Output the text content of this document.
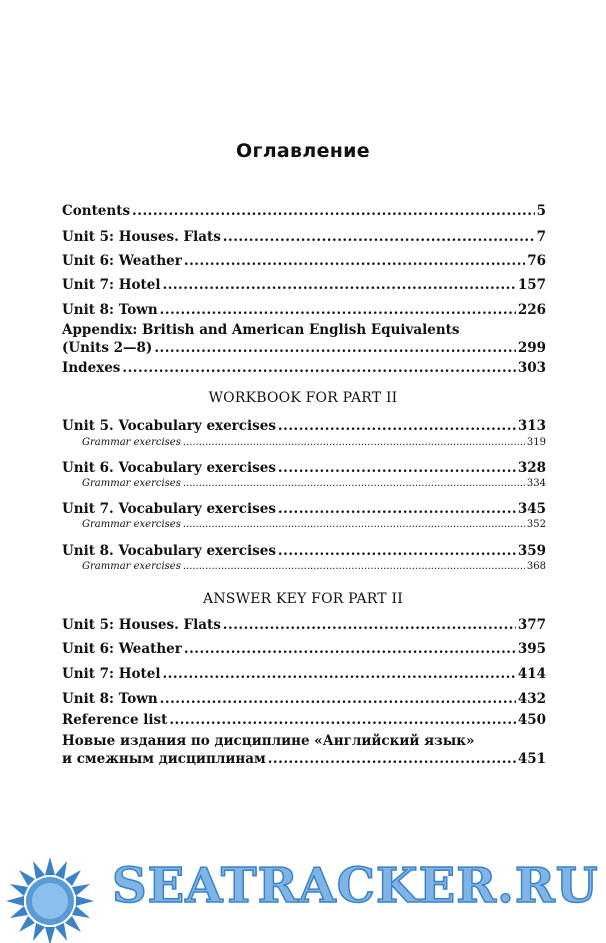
Оглавление
Contents .....	5
Unit 5: Houses. Flats .....	7
Unit 6: Weather .....	76
Unit 7: Hotel .....	157
Unit 8: Town .....	226
Appendix: British and American English Equivalents
(Units 2—8) .....	299
Indexes .....	303
WORKBOOK FOR PART II
Unit 5. Vocabulary exercises .....	313
Grammar exercises .....	319
Unit 6. Vocabulary exercises .....	328
Grammar exercises .....	334
Unit 7. Vocabulary exercises .....	345
Grammar exercises .....	352
Unit 8. Vocabulary exercises .....	359
Grammar exercises .....	368
ANSWER KEY FOR PART II
Unit 5: Houses. Flats .....	377
Unit 6: Weather .....	395
Unit 7: Hotel .....	414
Unit 8: Town .....	432
Reference list .....	450
Новые издания по дисциплине «Английский язык»
и смежным дисциплинам .....	451
SEATRACKER.RU
